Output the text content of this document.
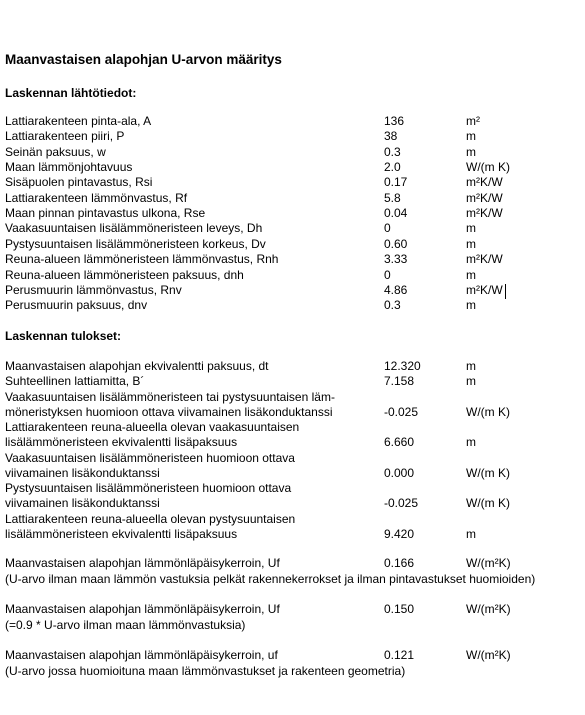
Maanvastaisen alapohjan U-arvon määritys
Laskennan lähtötiedot:
Lattiarakenteen pinta-ala, A	136	m²
Lattiarakenteen piiri, P	38	m
Seinän paksuus, w	0.3	m
Maan lämmönjohtavuus	2.0	W/(m K)
Sisäpuolen pintavastus, Rsi	0.17	m²K/W
Lattiarakenteen lämmönvastus, Rf	5.8	m²K/W
Maan pinnan pintavastus ulkona, Rse	0.04	m²K/W
Vaakasuuntaisen lisälämmöneristeen leveys, Dh	0	m
Pystysuuntaisen lisälämmöneristeen korkeus, Dv	0.60	m
Reuna-alueen lämmöneristeen lämmönvastus, Rnh	3.33	m²K/W
Reuna-alueen lämmöneristeen paksuus, dnh	0	m
Perusmuurin lämmönvastus, Rnv	4.86	m²K/W
Perusmuurin paksuus, dnv	0.3	m
Laskennan tulokset:
Maanvastaisen alapohjan ekvivalentti paksuus, dt	12.320	m
Suhteellinen lattiamitta, B´	7.158	m
Vaakasuuntaisen lisälämmöneristeen tai pystysuuntaisen läm-
möneristyksen huomioon ottava viivamainen lisäkonduktanssi	-0.025	W/(m K)
Lattiarakenteen reuna-alueella olevan vaakasuuntaisen
lisälämmöneristeen ekvivalentti lisäpaksuus	6.660	m
Vaakasuuntaisen lisälämmöneristeen huomioon ottava
viivamainen lisäkonduktanssi	0.000	W/(m K)
Pystysuuntaisen lisälämmöneristeen huomioon ottava
viivamainen lisäkonduktanssi	-0.025	W/(m K)
Lattiarakenteen reuna-alueella olevan pystysuuntaisen
lisälämmöneristeen ekvivalentti lisäpaksuus	9.420	m
Maanvastaisen alapohjan lämmönläpäisykerroin, Uf	0.166	W/(m²K)
(U-arvo ilman maan lämmön vastuksia pelkät rakennekerrokset ja ilman pintavastukset huomioiden)
Maanvastaisen alapohjan lämmönläpäisykerroin, Uf	0.150	W/(m²K)
(=0.9 * U-arvo ilman maan lämmönvastuksia)
Maanvastaisen alapohjan lämmönläpäisykerroin, uf	0.121	W/(m²K)
(U-arvo jossa huomioituna maan lämmönvastukset ja rakenteen geometria)
